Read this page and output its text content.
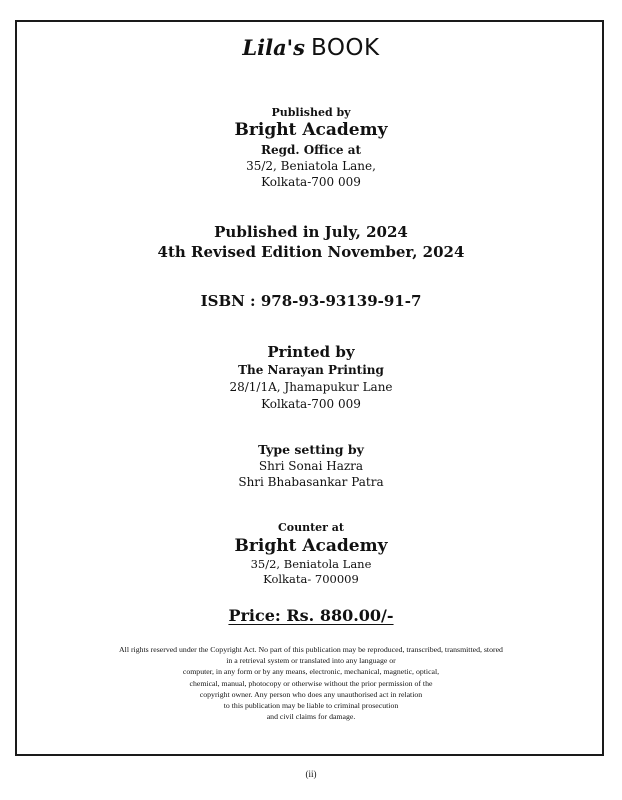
Lila's BOOK
Published by
Bright Academy
Regd. Office at
35/2, Beniatola Lane,
Kolkata-700 009
Published in July, 2024
4th Revised Edition November, 2024
ISBN : 978-93-93139-91-7
Printed by
The Narayan Printing
28/1/1A, Jhamapukur Lane
Kolkata-700 009
Type setting by
Shri Sonai Hazra
Shri Bhabasankar Patra
Counter at
Bright Academy
35/2, Beniatola Lane
Kolkata- 700009
Price: Rs. 880.00/-
All rights reserved under the Copyright Act. No part of this publication may be reproduced, transcribed, transmitted, stored
in a retrieval system or translated into any language or
computer, in any form or by any means, electronic, mechanical, magnetic, optical,
chemical, manual, photocopy or otherwise without the prior permission of the
copyright owner. Any person who does any unauthorised act in relation
to this publication may be liable to criminal prosecution
and civil claims for damage.
(ii)
